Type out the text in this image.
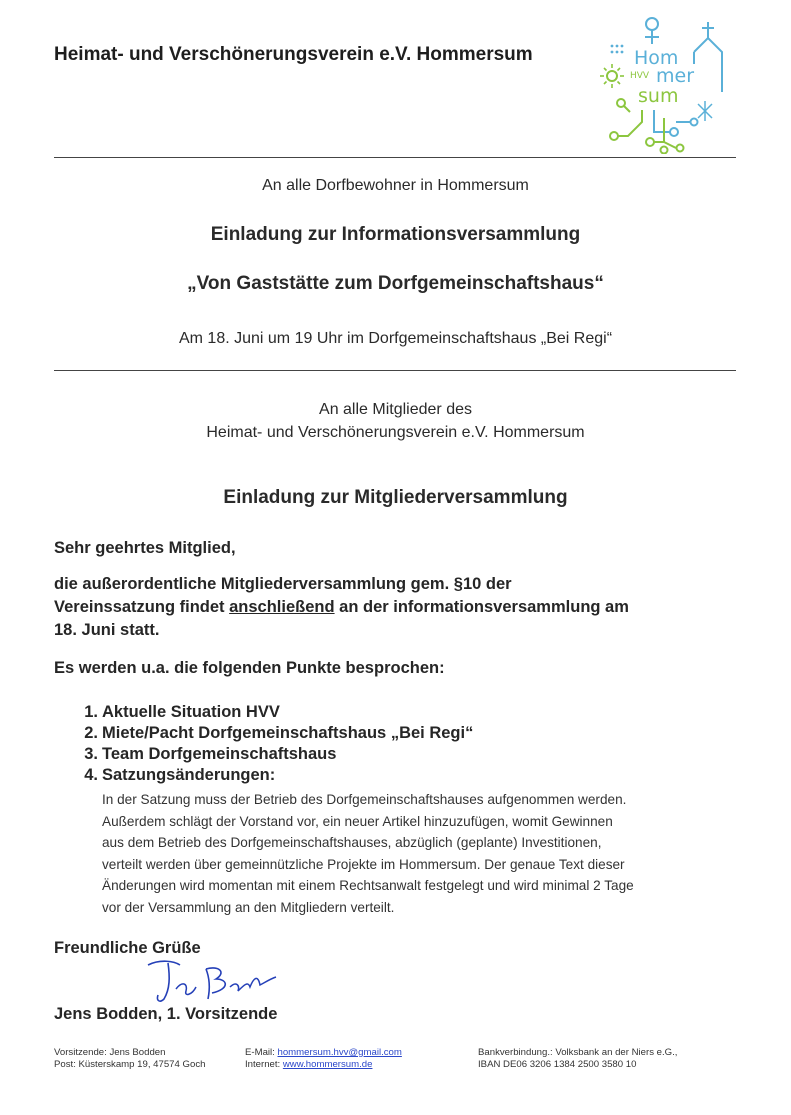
Heimat- und Verschönerungsverein e.V. Hommersum	Hom
HVV mer
sum
An alle Dorfbewohner in Hommersum
Einladung zur Informationsversammlung
„Von Gaststätte zum Dorfgemeinschaftshaus“
Am 18. Juni um 19 Uhr im Dorfgemeinschaftshaus „Bei Regi“
An alle Mitglieder des
Heimat- und Verschönerungsverein e.V. Hommersum
Einladung zur Mitgliederversammlung
Sehr geehrtes Mitglied,
die außerordentliche Mitgliederversammlung gem. §10 der
Vereinssatzung findet anschließend an der informationsversammlung am
18. Juni statt.
Es werden u.a. die folgenden Punkte besprochen:
1. Aktuelle Situation HVV
2. Miete/Pacht Dorfgemeinschaftshaus „Bei Regi“
3. Team Dorfgemeinschaftshaus
4. Satzungsänderungen:
In der Satzung muss der Betrieb des Dorfgemeinschaftshauses aufgenommen werden.
Außerdem schlägt der Vorstand vor, ein neuer Artikel hinzuzufügen, womit Gewinnen
aus dem Betrieb des Dorfgemeinschaftshauses, abzüglich (geplante) Investitionen,
verteilt werden über gemeinnützliche Projekte im Hommersum. Der genaue Text dieser
Änderungen wird momentan mit einem Rechtsanwalt festgelegt und wird minimal 2 Tage
vor der Versammlung an den Mitgliedern verteilt.
Freundliche Grüße
Jens Bodden, 1. Vorsitzende
Vorsitzende: Jens Bodden
Post: Küsterskamp 19, 47574 Goch
E-Mail: hommersum.hvv@gmail.com
Internet: www.hommersum.de
Bankverbindung.: Volksbank an der Niers e.G.,
IBAN DE06 3206 1384 2500 3580 10
